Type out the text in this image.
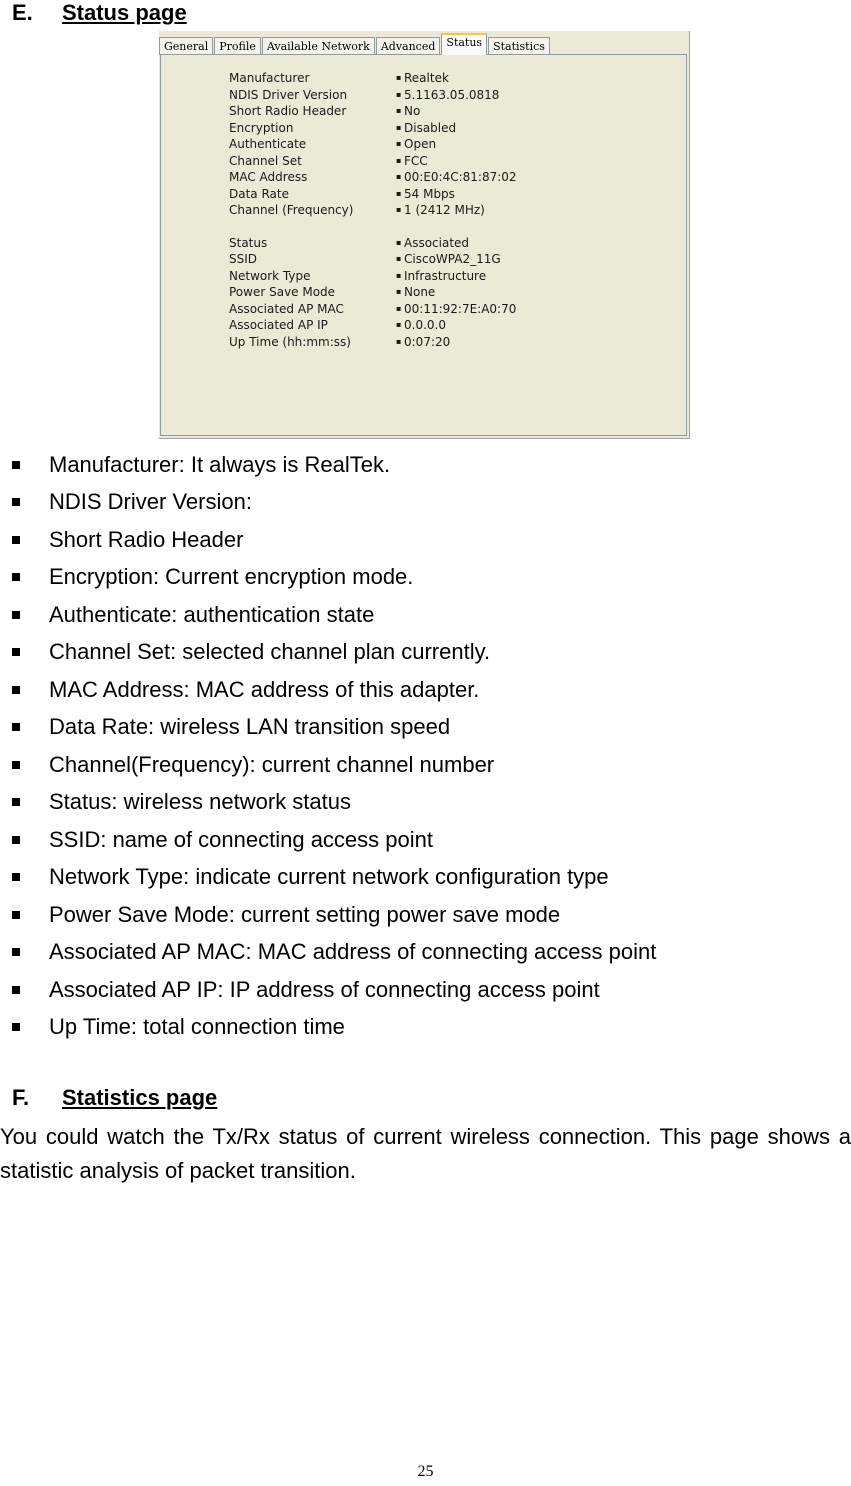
E.	Status page
General	Profile	Available Network	Advanced	Status	Statistics
Manufacturer	▪ Realtek
NDIS Driver Version	▪ 5.1163.05.0818
Short Radio Header	▪ No
Encryption	▪ Disabled
Authenticate	▪ Open
Channel Set	▪ FCC
MAC Address	▪ 00:E0:4C:81:87:02
Data Rate	▪ 54 Mbps
Channel (Frequency)	▪ 1 (2412 MHz)
Status	▪ Associated
SSID	▪ CiscoWPA2_11G
Network Type	▪ Infrastructure
Power Save Mode	▪ None
Associated AP MAC	▪ 00:11:92:7E:A0:70
Associated AP IP	▪ 0.0.0.0
Up Time (hh:mm:ss)	▪ 0:07:20
Manufacturer: It always is RealTek.
NDIS Driver Version:
Short Radio Header
Encryption: Current encryption mode.
Authenticate: authentication state
Channel Set: selected channel plan currently.
MAC Address: MAC address of this adapter.
Data Rate: wireless LAN transition speed
Channel(Frequency): current channel number
Status: wireless network status
SSID: name of connecting access point
Network Type: indicate current network configuration type
Power Save Mode: current setting power save mode
Associated AP MAC: MAC address of connecting access point
Associated AP IP: IP address of connecting access point
Up Time: total connection time
F.	Statistics page

You could watch the Tx/Rx status of current wireless connection. This page shows a statistic analysis of packet transition.

25
